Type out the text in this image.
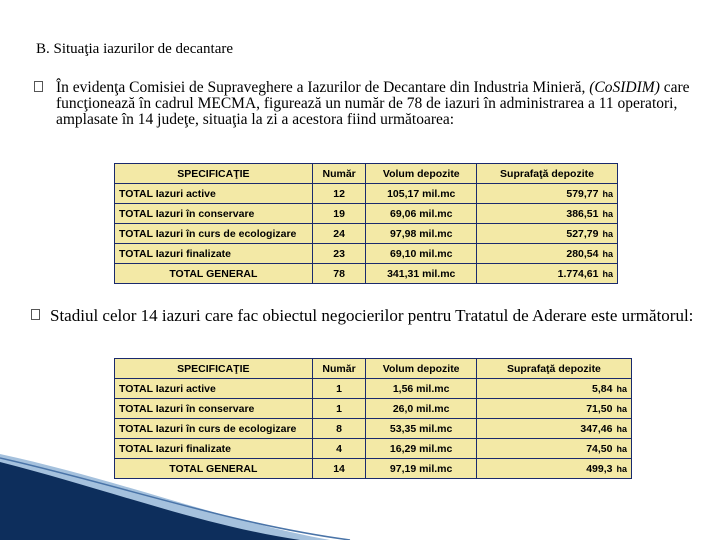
B. Situaţia iazurilor de decantare
În evidenţa Comisiei de Supraveghere a Iazurilor de Decantare din Industria Minieră, (CoSIDIM) care funcţionează în cadrul MECMA, figurează un număr de 78 de iazuri în administrarea a 11 operatori, amplasate în 14 judeţe, situaţia la zi a acestora fiind următoarea:
SPECIFICAŢIE	Număr	Volum depozite	Suprafaţă depozite
TOTAL Iazuri active	12	105,17 mil.mc	579,77 ha
TOTAL Iazuri în conservare	19	69,06 mil.mc	386,51 ha
TOTAL Iazuri în curs de ecologizare	24	97,98 mil.mc	527,79 ha
TOTAL Iazuri finalizate	23	69,10 mil.mc	280,54 ha
TOTAL GENERAL	78	341,31 mil.mc	1.774,61 ha
Stadiul celor 14 iazuri care fac obiectul negocierilor pentru Tratatul de Aderare este următorul:
SPECIFICAŢIE	Număr	Volum depozite	Suprafaţă depozite
TOTAL Iazuri active	1	1,56 mil.mc	5,84 ha
TOTAL Iazuri în conservare	1	26,0 mil.mc	71,50 ha
TOTAL Iazuri în curs de ecologizare	8	53,35 mil.mc	347,46 ha
TOTAL Iazuri finalizate	4	16,29 mil.mc	74,50 ha
TOTAL GENERAL	14	97,19 mil.mc	499,3 ha
